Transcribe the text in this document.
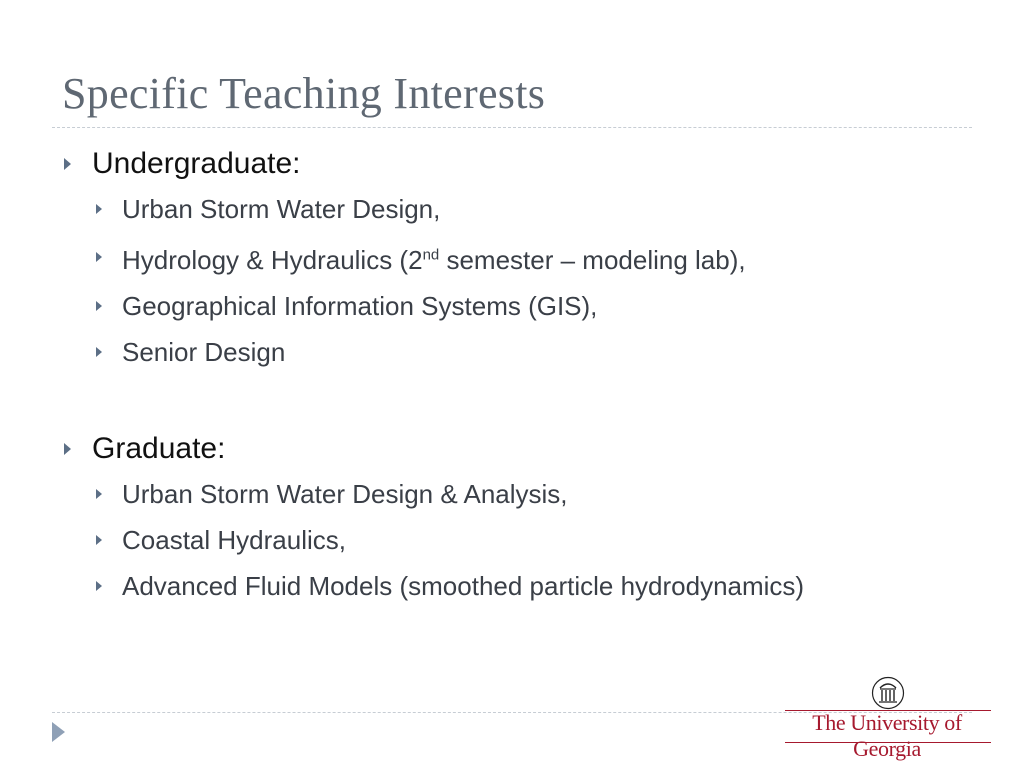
Specific Teaching Interests
Undergraduate:
Urban Storm Water Design,
Hydrology & Hydraulics (2nd semester – modeling lab),
Geographical Information Systems (GIS),
Senior Design
Graduate:
Urban Storm Water Design & Analysis,
Coastal Hydraulics,
Advanced Fluid Models (smoothed particle hydrodynamics)
The University of Georgia
